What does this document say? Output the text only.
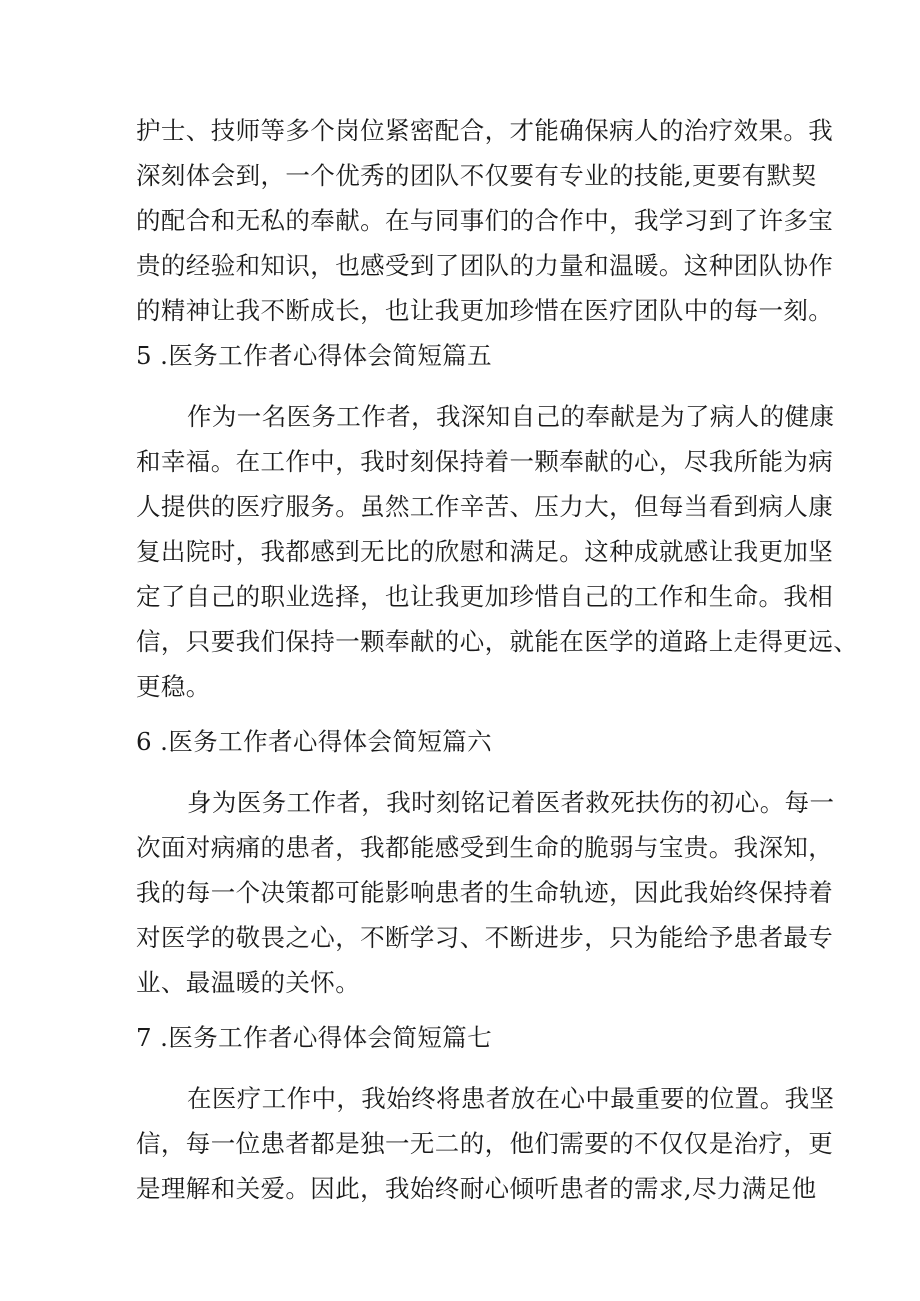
护士、技师等多个岗位紧密配合，才能确保病人的治疗效果。我
深刻体会到，一个优秀的团队不仅要有专业的技能,更要有默契
的配合和无私的奉献。在与同事们的合作中，我学习到了许多宝
贵的经验和知识，也感受到了团队的力量和温暖。这种团队协作
的精神让我不断成长，也让我更加珍惜在医疗团队中的每一刻。
5 .医务工作者心得体会简短篇五
作为一名医务工作者，我深知自己的奉献是为了病人的健康
和幸福。在工作中，我时刻保持着一颗奉献的心，尽我所能为病
人提供的医疗服务。虽然工作辛苦、压力大，但每当看到病人康
复出院时，我都感到无比的欣慰和满足。这种成就感让我更加坚
定了自己的职业选择，也让我更加珍惜自己的工作和生命。我相
信，只要我们保持一颗奉献的心，就能在医学的道路上走得更远、
更稳。
6 .医务工作者心得体会简短篇六
身为医务工作者，我时刻铭记着医者救死扶伤的初心。每一
次面对病痛的患者，我都能感受到生命的脆弱与宝贵。我深知，
我的每一个决策都可能影响患者的生命轨迹，因此我始终保持着
对医学的敬畏之心，不断学习、不断进步，只为能给予患者最专
业、最温暖的关怀。
7 .医务工作者心得体会简短篇七
在医疗工作中，我始终将患者放在心中最重要的位置。我坚
信，每一位患者都是独一无二的，他们需要的不仅仅是治疗，更
是理解和关爱。因此，我始终耐心倾听患者的需求,尽力满足他
